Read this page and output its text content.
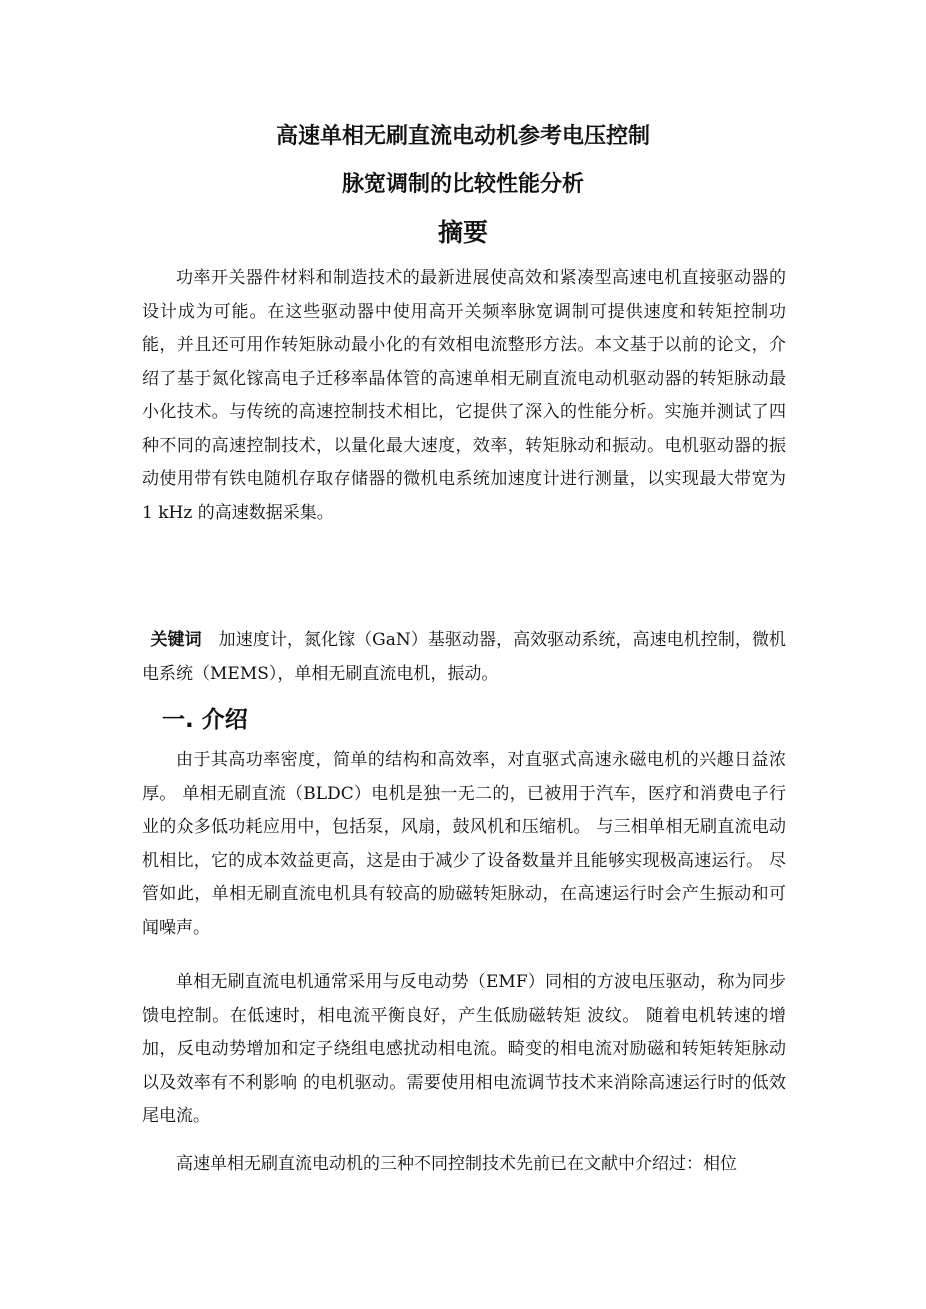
高速单相无刷直流电动机参考电压控制
脉宽调制的比较性能分析
摘要

功率开关器件材料和制造技术的最新进展使高效和紧凑型高速电机直接驱动器的设计成为可能。在这些驱动器中使用高开关频率脉宽调制可提供速度和转矩控制功能，并且还可用作转矩脉动最小化的有效相电流整形方法。本文基于以前的论文，介绍了基于氮化镓高电子迁移率晶体管的高速单相无刷直流电动机驱动器的转矩脉动最小化技术。与传统的高速控制技术相比，它提供了深入的性能分析。实施并测试了四种不同的高速控制技术，以量化最大速度，效率，转矩脉动和振动。电机驱动器的振动使用带有铁电随机存取存储器的微机电系统加速度计进行测量，以实现最大带宽为 1 kHz 的高速数据采集。

关键词 加速度计，氮化镓（GaN）基驱动器，高效驱动系统，高速电机控制，微机电系统（MEMS），单相无刷直流电机，振动。

一. 介绍

由于其高功率密度，简单的结构和高效率，对直驱式高速永磁电机的兴趣日益浓厚。 单相无刷直流（BLDC）电机是独一无二的，已被用于汽车，医疗和消费电子行业的众多低功耗应用中，包括泵，风扇，鼓风机和压缩机。 与三相单相无刷直流电动机相比，它的成本效益更高，这是由于减少了设备数量并且能够实现极高速运行。 尽管如此，单相无刷直流电机具有较高的励磁转矩脉动，在高速运行时会产生振动和可闻噪声。

单相无刷直流电机通常采用与反电动势（EMF）同相的方波电压驱动，称为同步馈电控制。在低速时，相电流平衡良好，产生低励磁转矩 波纹。 随着电机转速的增加，反电动势增加和定子绕组电感扰动相电流。畸变的相电流对励磁和转矩转矩脉动以及效率有不利影响 的电机驱动。需要使用相电流调节技术来消除高速运行时的低效尾电流。

高速单相无刷直流电动机的三种不同控制技术先前已在文献中介绍过：相位
